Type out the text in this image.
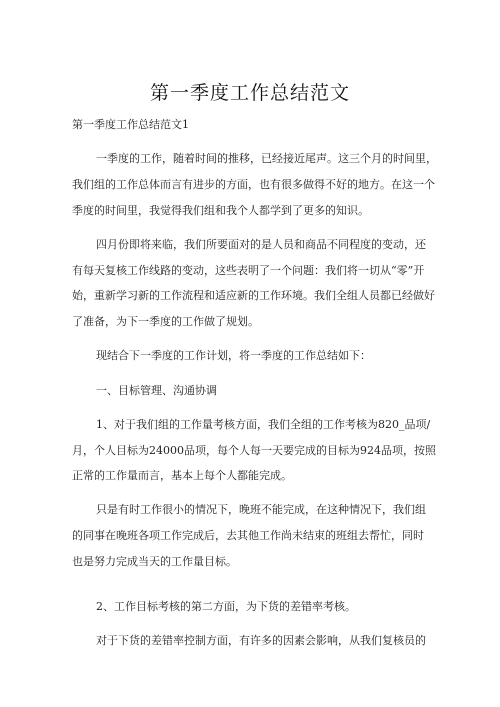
第一季度工作总结范文
第一季度工作总结范文1
一季度的工作，随着时间的推移，已经接近尾声。这三个月的时间里，
我们组的工作总体而言有进步的方面，也有很多做得不好的地方。在这一个
季度的时间里，我觉得我们组和我个人都学到了更多的知识。
四月份即将来临，我们所要面对的是人员和商品不同程度的变动，还
有每天复核工作线路的变动，这些表明了一个问题：我们将一切从“零”开
始，重新学习新的工作流程和适应新的工作环境。我们全组人员都已经做好
了准备，为下一季度的工作做了规划。
现结合下一季度的工作计划，将一季度的工作总结如下：
一、目标管理、沟通协调
1、对于我们组的工作量考核方面，我们全组的工作考核为820_品项/
月，个人目标为24000品项，每个人每一天要完成的目标为924品项，按照
正常的工作量而言，基本上每个人都能完成。
只是有时工作很小的情况下，晚班不能完成，在这种情况下，我们组
的同事在晚班各项工作完成后，去其他工作尚未结束的班组去帮忙，同时
也是努力完成当天的工作量目标。
2、工作目标考核的第二方面，为下货的差错率考核。
对于下货的差错率控制方面，有许多的因素会影响，从我们复核员的
